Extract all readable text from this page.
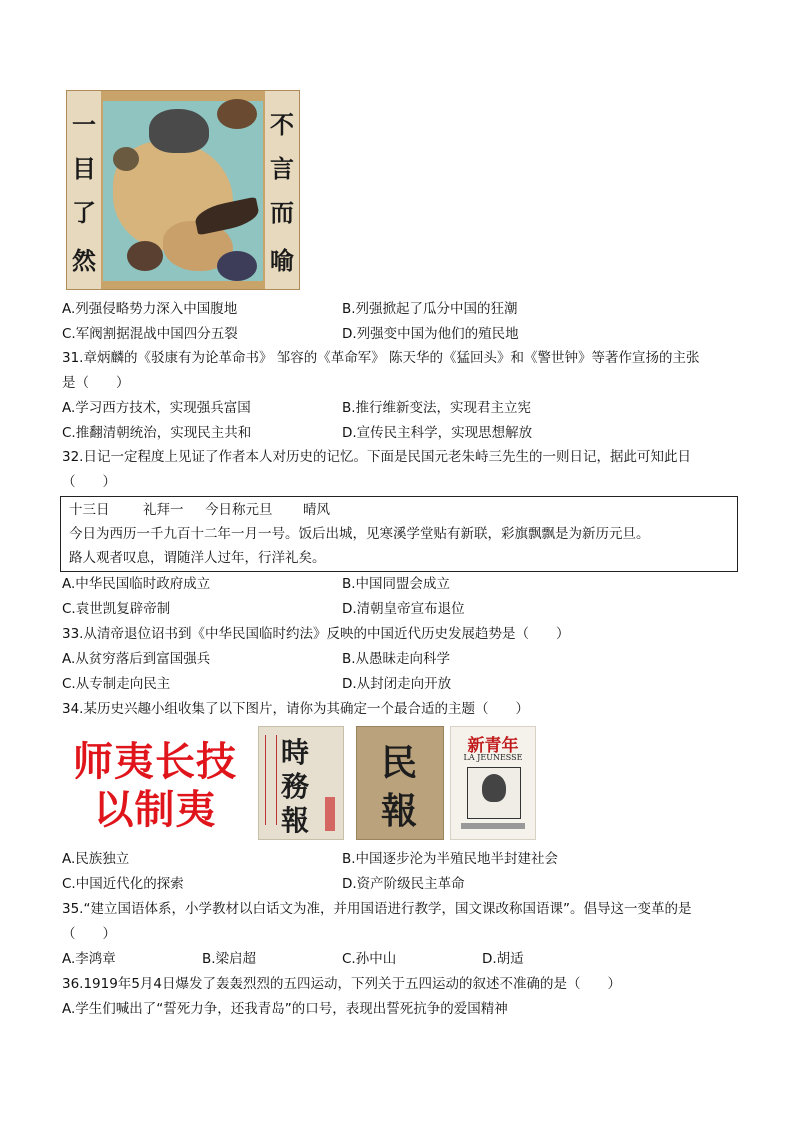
一
目
了
然
不
言
而
喻
A.列强侵略势力深入中国腹地	B.列强掀起了瓜分中国的狂潮
C.军阀割据混战中国四分五裂	D.列强变中国为他们的殖民地
31.章炳麟的《驳康有为论革命书》 邹容的《革命军》 陈天华的《猛回头》和《警世钟》等著作宣扬的主张
是（　　）
A.学习西方技术，实现强兵富国	B.推行维新变法，实现君主立宪
C.推翻清朝统治，实现民主共和	D.宣传民主科学，实现思想解放
32.日记一定程度上见证了作者本人对历史的记忆。下面是民国元老朱峙三先生的一则日记，据此可知此日
（　　）
十三日 礼拜一 今日称元旦 晴风
今日为西历一千九百十二年一月一号。饭后出城，见寒溪学堂贴有新联，彩旗飘飘是为新历元旦。
路人观者叹息，谓随洋人过年，行洋礼矣。
A.中华民国临时政府成立	B.中国同盟会成立
C.袁世凯复辟帝制	D.清朝皇帝宣布退位
33.从清帝退位诏书到《中华民国临时约法》反映的中国近代历史发展趋势是（　　）
A.从贫穷落后到富国强兵	B.从愚昧走向科学
C.从专制走向民主	D.从封闭走向开放
34.某历史兴趣小组收集了以下图片，请你为其确定一个最合适的主题（　　）
师夷长技
以制夷
時
務
報
民
報
新青年
LA JEUNESSE
A.民族独立	B.中国逐步沦为半殖民地半封建社会
C.中国近代化的探索	D.资产阶级民主革命
35.“建立国语体系，小学教材以白话文为准，并用国语进行教学，国文课改称国语课”。倡导这一变革的是
（　　）
A.李鸿章	B.梁启超	C.孙中山	D.胡适
36.1919年5月4日爆发了轰轰烈烈的五四运动，下列关于五四运动的叙述不准确的是（　　）
A.学生们喊出了“誓死力争，还我青岛”的口号，表现出誓死抗争的爱国精神
